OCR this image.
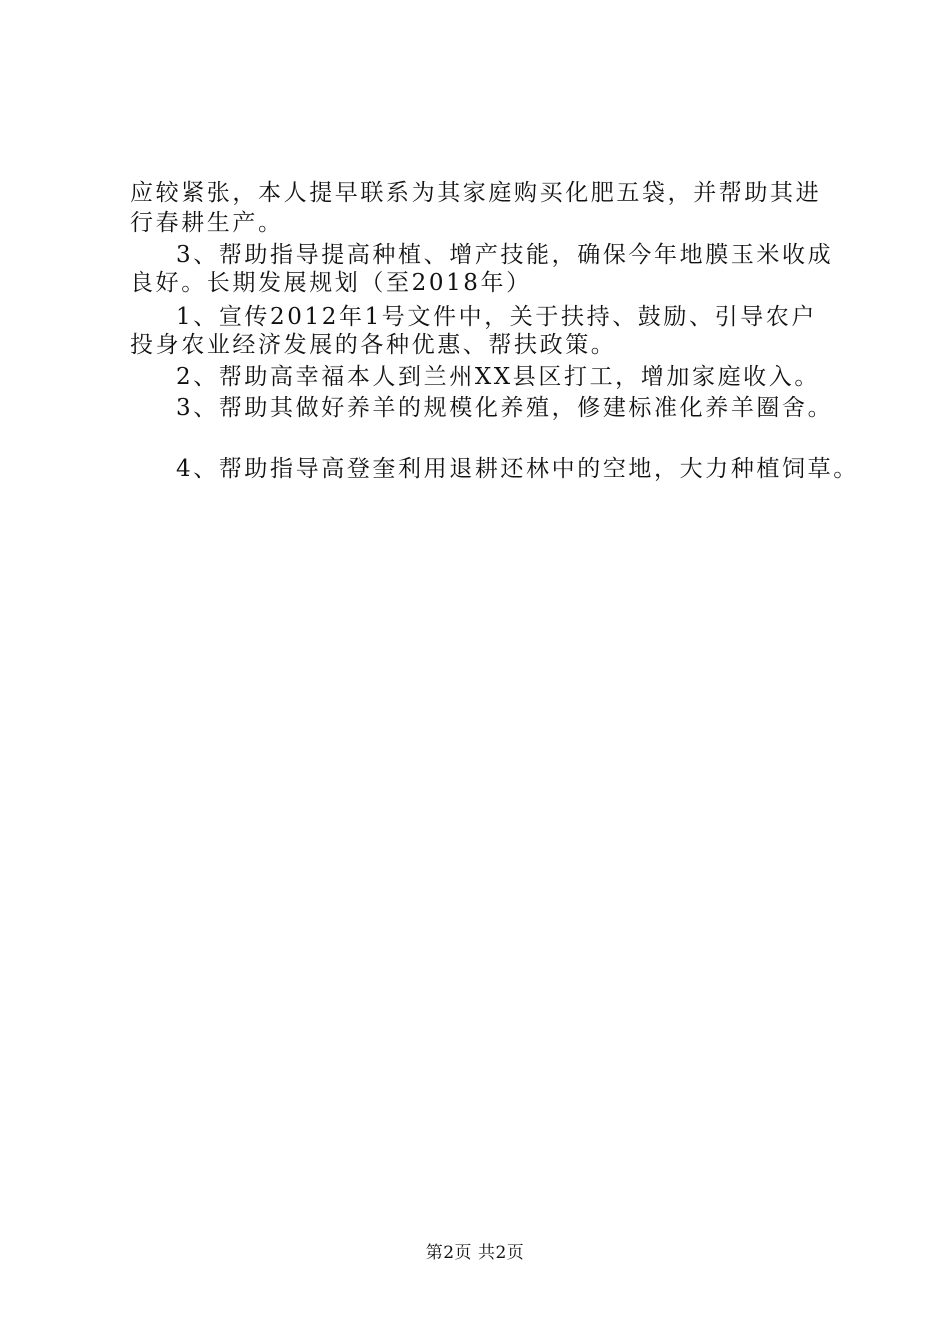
应较紧张，本人提早联系为其家庭购买化肥五袋，并帮助其进
行春耕生产。
3、帮助指导提高种植、增产技能，确保今年地膜玉米收成
良好。长期发展规划（至2018年）
1、宣传2012年1号文件中，关于扶持、鼓励、引导农户
投身农业经济发展的各种优惠、帮扶政策。
2、帮助高幸福本人到兰州XX县区打工，增加家庭收入。
3、帮助其做好养羊的规模化养殖，修建标准化养羊圈舍。
4、帮助指导高登奎利用退耕还林中的空地，大力种植饲草。
第2页 共2页
